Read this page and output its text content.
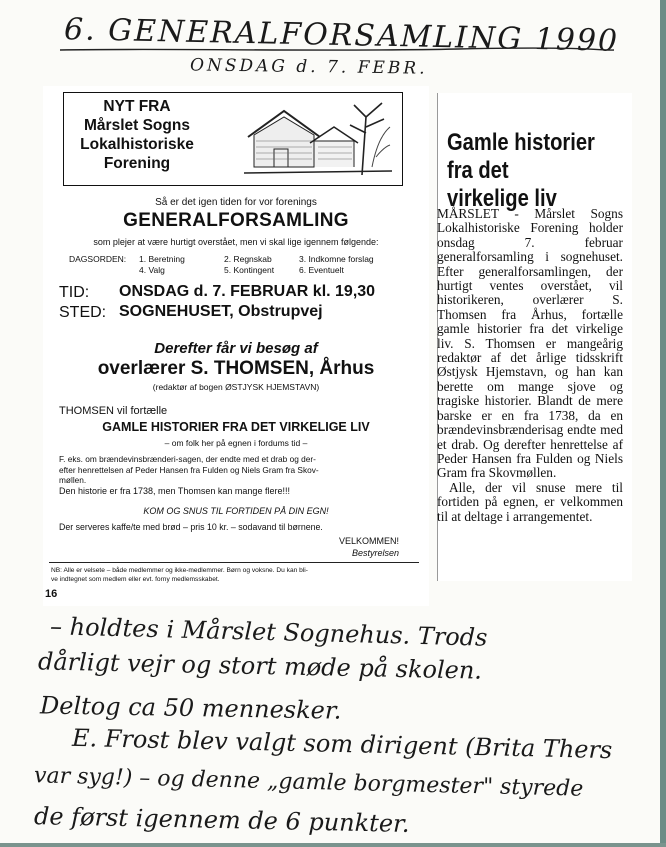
6. GENERALFORSAMLING 1990
ONSDAG d. 7. FEBR.
NYT FRA
Mårslet Sogns
Lokalhistoriske
Forening
Så er det igen tiden for vor forenings
GENERALFORSAMLING
som plejer at være hurtigt overstået, men vi skal lige igennem følgende:
DAGSORDEN: 1. Beretning	2. Regnskab	3. Indkomne forslag
4. Valg	5. Kontingent	6. Eventuelt
TID: ONSDAG d. 7. FEBRUAR kl. 19,30
STED: SOGNEHUSET, Obstrupvej
Derefter får vi besøg af
overlærer S. THOMSEN, Århus
(redaktør af bogen ØSTJYSK HJEMSTAVN)
THOMSEN vil fortælle
GAMLE HISTORIER FRA DET VIRKELIGE LIV
– om folk her på egnen i fordums tid –
F. eks. om brændevinsbrænderi-sagen, der endte med et drab og der-
efter henrettelsen af Peder Hansen fra Fulden og Niels Gram fra Skov-
møllen.
Den historie er fra 1738, men Thomsen kan mange flere!!!
KOM OG SNUS TIL FORTIDEN PÅ DIN EGN!
Der serveres kaffe/te med brød – pris 10 kr. – sodavand til børnene.
VELKOMMEN!
Bestyrelsen
NB: Alle er velsete – både medlemmer og ikke-medlemmer. Børn og voksne. Du kan bli-
ve indtegnet som medlem eller evt. forny medlemsskabet.
16
Gamle historier
fra det
virkelige liv

MÅRSLET - Mårslet Sogns Lokalhistoriske Forening holder onsdag 7. februar generalforsamling i sognehuset. Efter generalforsamlingen, der hurtigt ventes overstået, vil historikeren, overlærer S. Thomsen fra Århus, fortælle gamle historier fra det virkelige liv. S. Thomsen er mangeårig redaktør af det årlige tidsskrift Østjysk Hjemstavn, og han kan berette om mange sjove og tragiske historier. Blandt de mere barske er en fra 1738, da en brændevinsbrænderisag endte med et drab. Og derefter henrettelse af Peder Hansen fra Fulden og Niels Gram fra Skovmøllen.

Alle, der vil snuse mere til fortiden på egnen, er velkommen til at deltage i arrangementet.

– holdtes i Mårslet Sognehus. Trods
dårligt vejr og stort møde på skolen.
Deltog ca 50 mennesker.
E. Frost blev valgt som dirigent (Brita Thers
var syg!) – og denne „gamle borgmester" styrede
de først igennem de 6 punkter.
